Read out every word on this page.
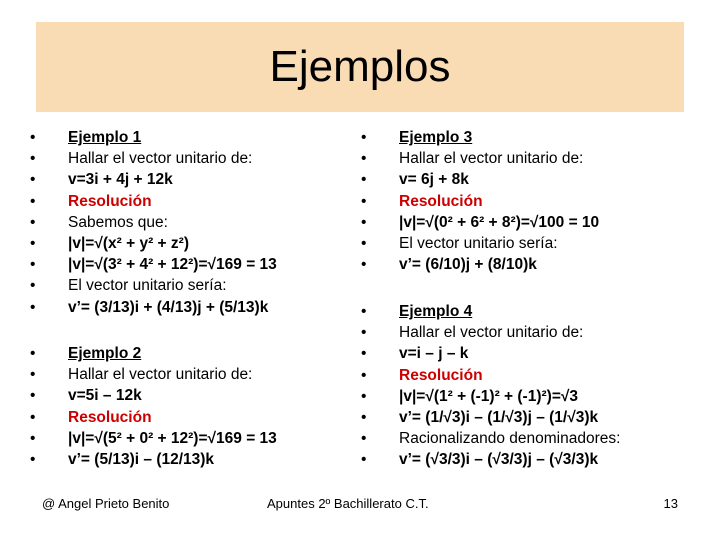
Ejemplos
• Ejemplo 1
• Hallar el vector unitario de:
• v=3i + 4j + 12k
• Resolución
• Sabemos que:
• |v|=√(x² + y² + z²)
• |v|=√(3² + 4² + 12²)=√169 = 13
• El vector unitario sería:
• v’= (3/13)i + (4/13)j + (5/13)k
• Ejemplo 2
• Hallar el vector unitario de:
• v=5i – 12k
• Resolución
• |v|=√(5² + 0² + 12²)=√169 = 13
• v’= (5/13)i – (12/13)k
• Ejemplo 3
• Hallar el vector unitario de:
• v= 6j + 8k
• Resolución
• |v|=√(0² + 6² + 8²)=√100 = 10
• El vector unitario sería:
• v’= (6/10)j + (8/10)k
• Ejemplo 4
• Hallar el vector unitario de:
• v=i – j – k
• Resolución
• |v|=√(1² + (-1)² + (-1)²)=√3
• v’= (1/√3)i – (1/√3)j – (1/√3)k
• Racionalizando denominadores:
• v’= (√3/3)i – (√3/3)j – (√3/3)k
@ Angel Prieto Benito	Apuntes 2º Bachillerato C.T.	13
